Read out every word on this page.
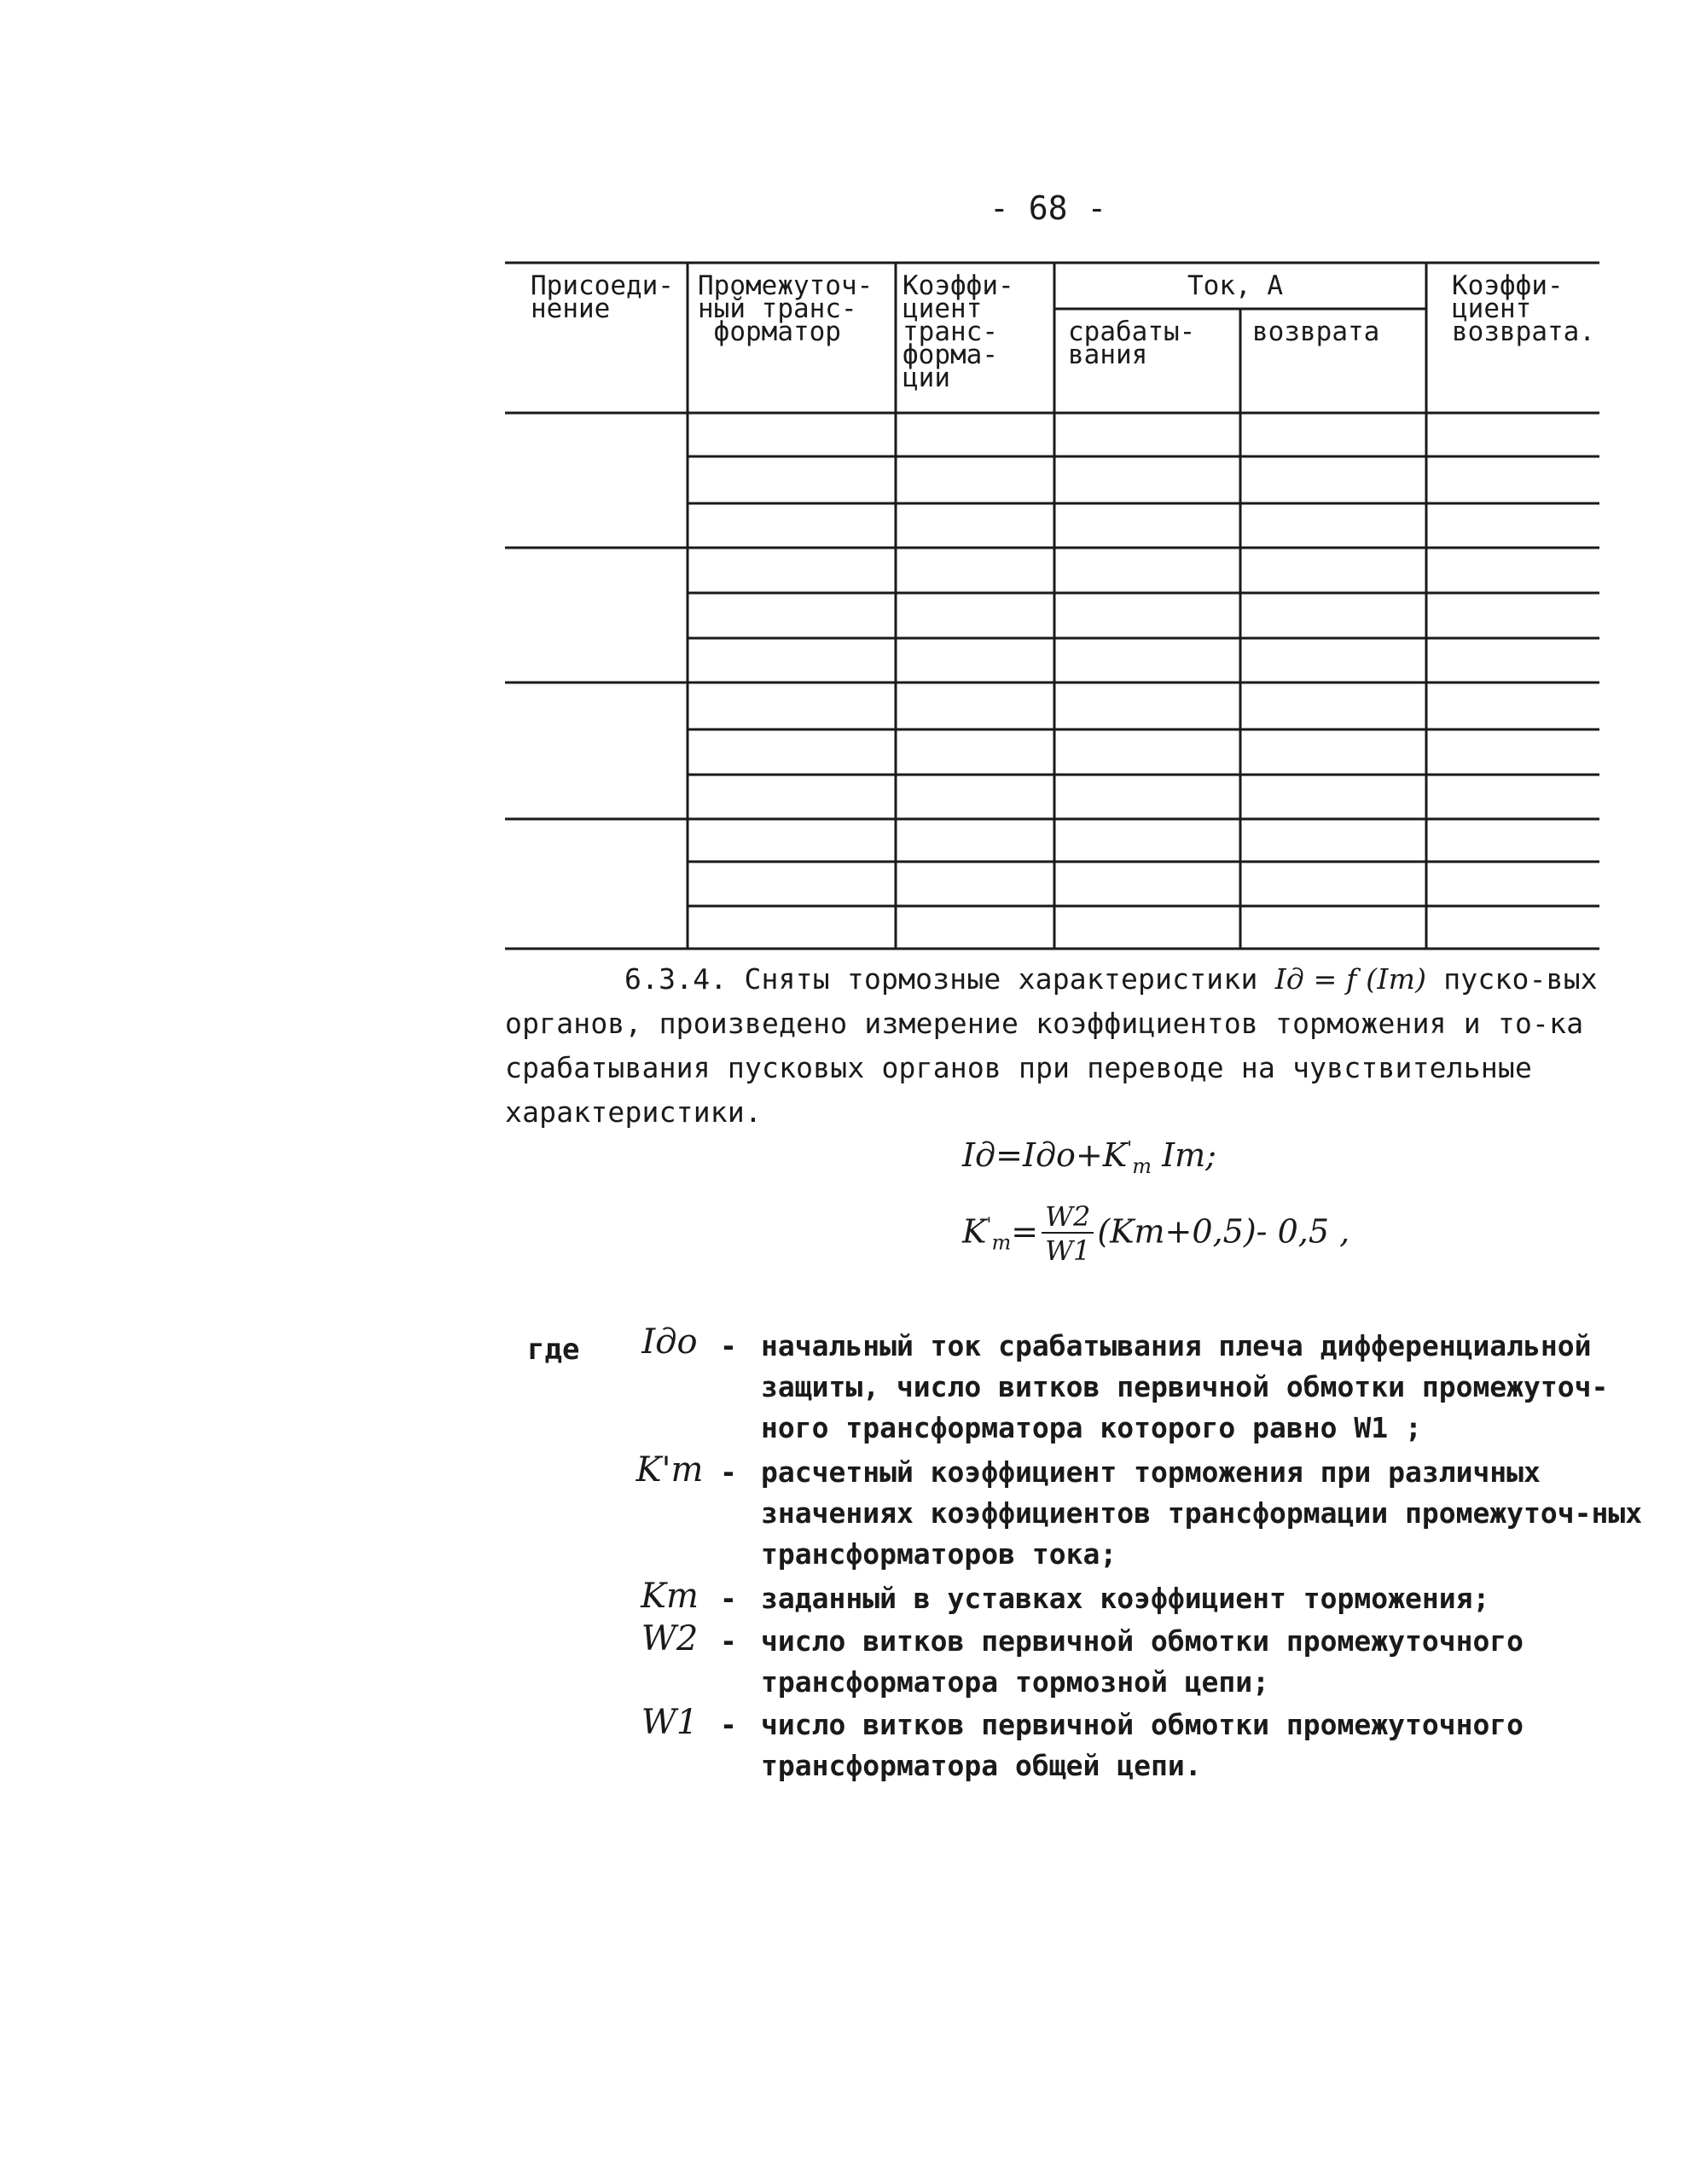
- 68 -
Присоеди-
нение
Промежуточ-
ный транс-
форматор
Коэффи-
циент
транс-
форма-
ции
Ток, А
срабаты-
вания
возврата
Коэффи-
циент
возврата.
6.3.4. Сняты тормозные характеристики Iд = f (Iт) пуско-вых органов, произведено измерение коэффициентов торможения и то-ка срабатывания пусковых органов при переводе на чувствительные характеристики.
$Iд=Iдо+K'_т$ Iт;
$K'_т= \frac{W2}{W1} (Kт+0,5)-$ 0,5 ,
где	Iдо - начальный ток срабатывания плеча дифференциальной защиты, число витков первичной обмотки промежуточ-ного трансформатора которого равно W1 ;
K'т - расчетный коэффициент торможения при различных значениях коэффициентов трансформации промежуточ-ных трансформаторов тока;
Kт - заданный в уставках коэффициент торможения;
W2 - число витков первичной обмотки промежуточного трансформатора тормозной цепи;
W1 - число витков первичной обмотки промежуточного трансформатора общей цепи.
